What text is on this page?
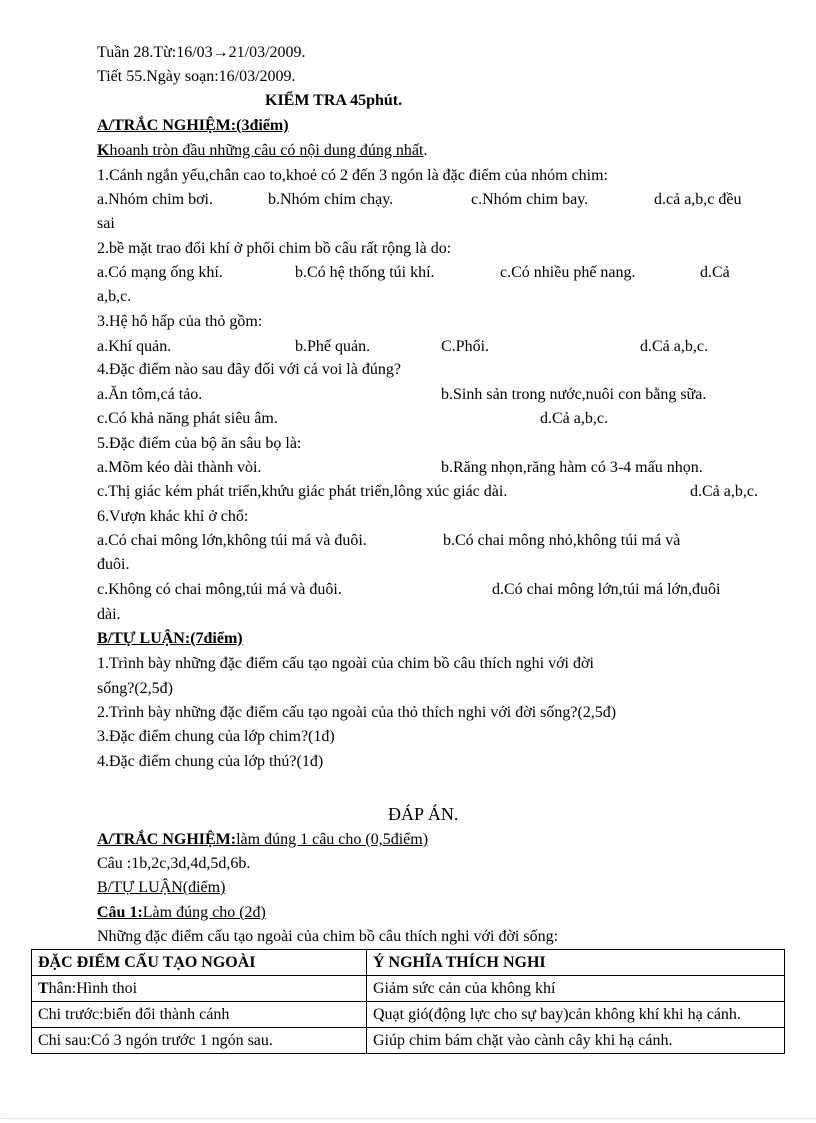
Tuần 28.Từ:16/03→21/03/2009.
Tiết 55.Ngày soạn:16/03/2009.
KIỂM TRA 45phút.
A/TRẮC NGHIỆM:(3điểm)
Khoanh tròn đầu những câu có nội dung đúng nhất.
1.Cánh ngắn yếu,chân cao to,khoẻ có 2 đến 3 ngón là đặc điểm của nhóm chim:
a.Nhóm chim bơi.	b.Nhóm chim chạy.	c.Nhóm chim bay.	d.cả a,b,c đều
sai
2.bề mặt trao đổi khí ở phổi chim bồ câu rất rộng là do:
a.Có mạng ống khí.	b.Có hệ thống túi khí.	c.Có nhiều phế nang.	d.Cả
a,b,c.
3.Hệ hô hấp của thỏ gồm:
a.Khí quản.	b.Phế quản.	C.Phổi.	d.Cả a,b,c.
4.Đặc điểm nào sau đây đối với cá voi là đúng?
a.Ăn tôm,cá tảo.	b.Sinh sản trong nước,nuôi con bằng sữa.
c.Có khả năng phát siêu âm.	d.Cả a,b,c.
5.Đặc điểm của bộ ăn sâu bọ là:
a.Mõm kéo dài thành vòi.	b.Răng nhọn,răng hàm có 3-4 mấu nhọn.
c.Thị giác kém phát triển,khứu giác phát triển,lông xúc giác dài.	d.Cả a,b,c.
6.Vượn khác khỉ ở chổ:
a.Có chai mông lớn,không túi má và đuôi.	b.Có chai mông nhỏ,không túi má và
đuôi.
c.Không có chai mông,túi má và đuôi.	d.Có chai mông lớn,túi má lớn,đuôi
dài.
B/TỰ LUẬN:(7điểm)
1.Trình bày những đặc điểm cấu tạo ngoài của chim bồ câu thích nghi với đời
sống?(2,5đ)
2.Trình bày những đặc điểm cấu tạo ngoài của thỏ thích nghi với đời sống?(2,5đ)
3.Đặc điểm chung của lớp chim?(1đ)
4.Đặc điểm chung của lớp thú?(1đ)
ĐÁP ÁN.
A/TRẮC NGHIỆM:làm đúng 1 câu cho (0,5điểm)
Câu :1b,2c,3d,4d,5d,6b.
B/TỰ LUẬN(điểm)
Câu 1:Làm đúng cho (2đ)
Những đặc điểm cấu tạo ngoài của chim bồ câu thích nghi với đời sống:
ĐẶC ĐIỂM CẤU TẠO NGOÀI	Ý NGHĨA THÍCH NGHI
Thân:Hình thoi	Giảm sức cản của không khí
Chi trước:biến đổi thành cánh	Quạt gió(động lực cho sự bay)cản không khí khi hạ cánh.
Chi sau:Có 3 ngón trước 1 ngón sau.	Giúp chim bám chặt vào cành cây khi hạ cánh.
